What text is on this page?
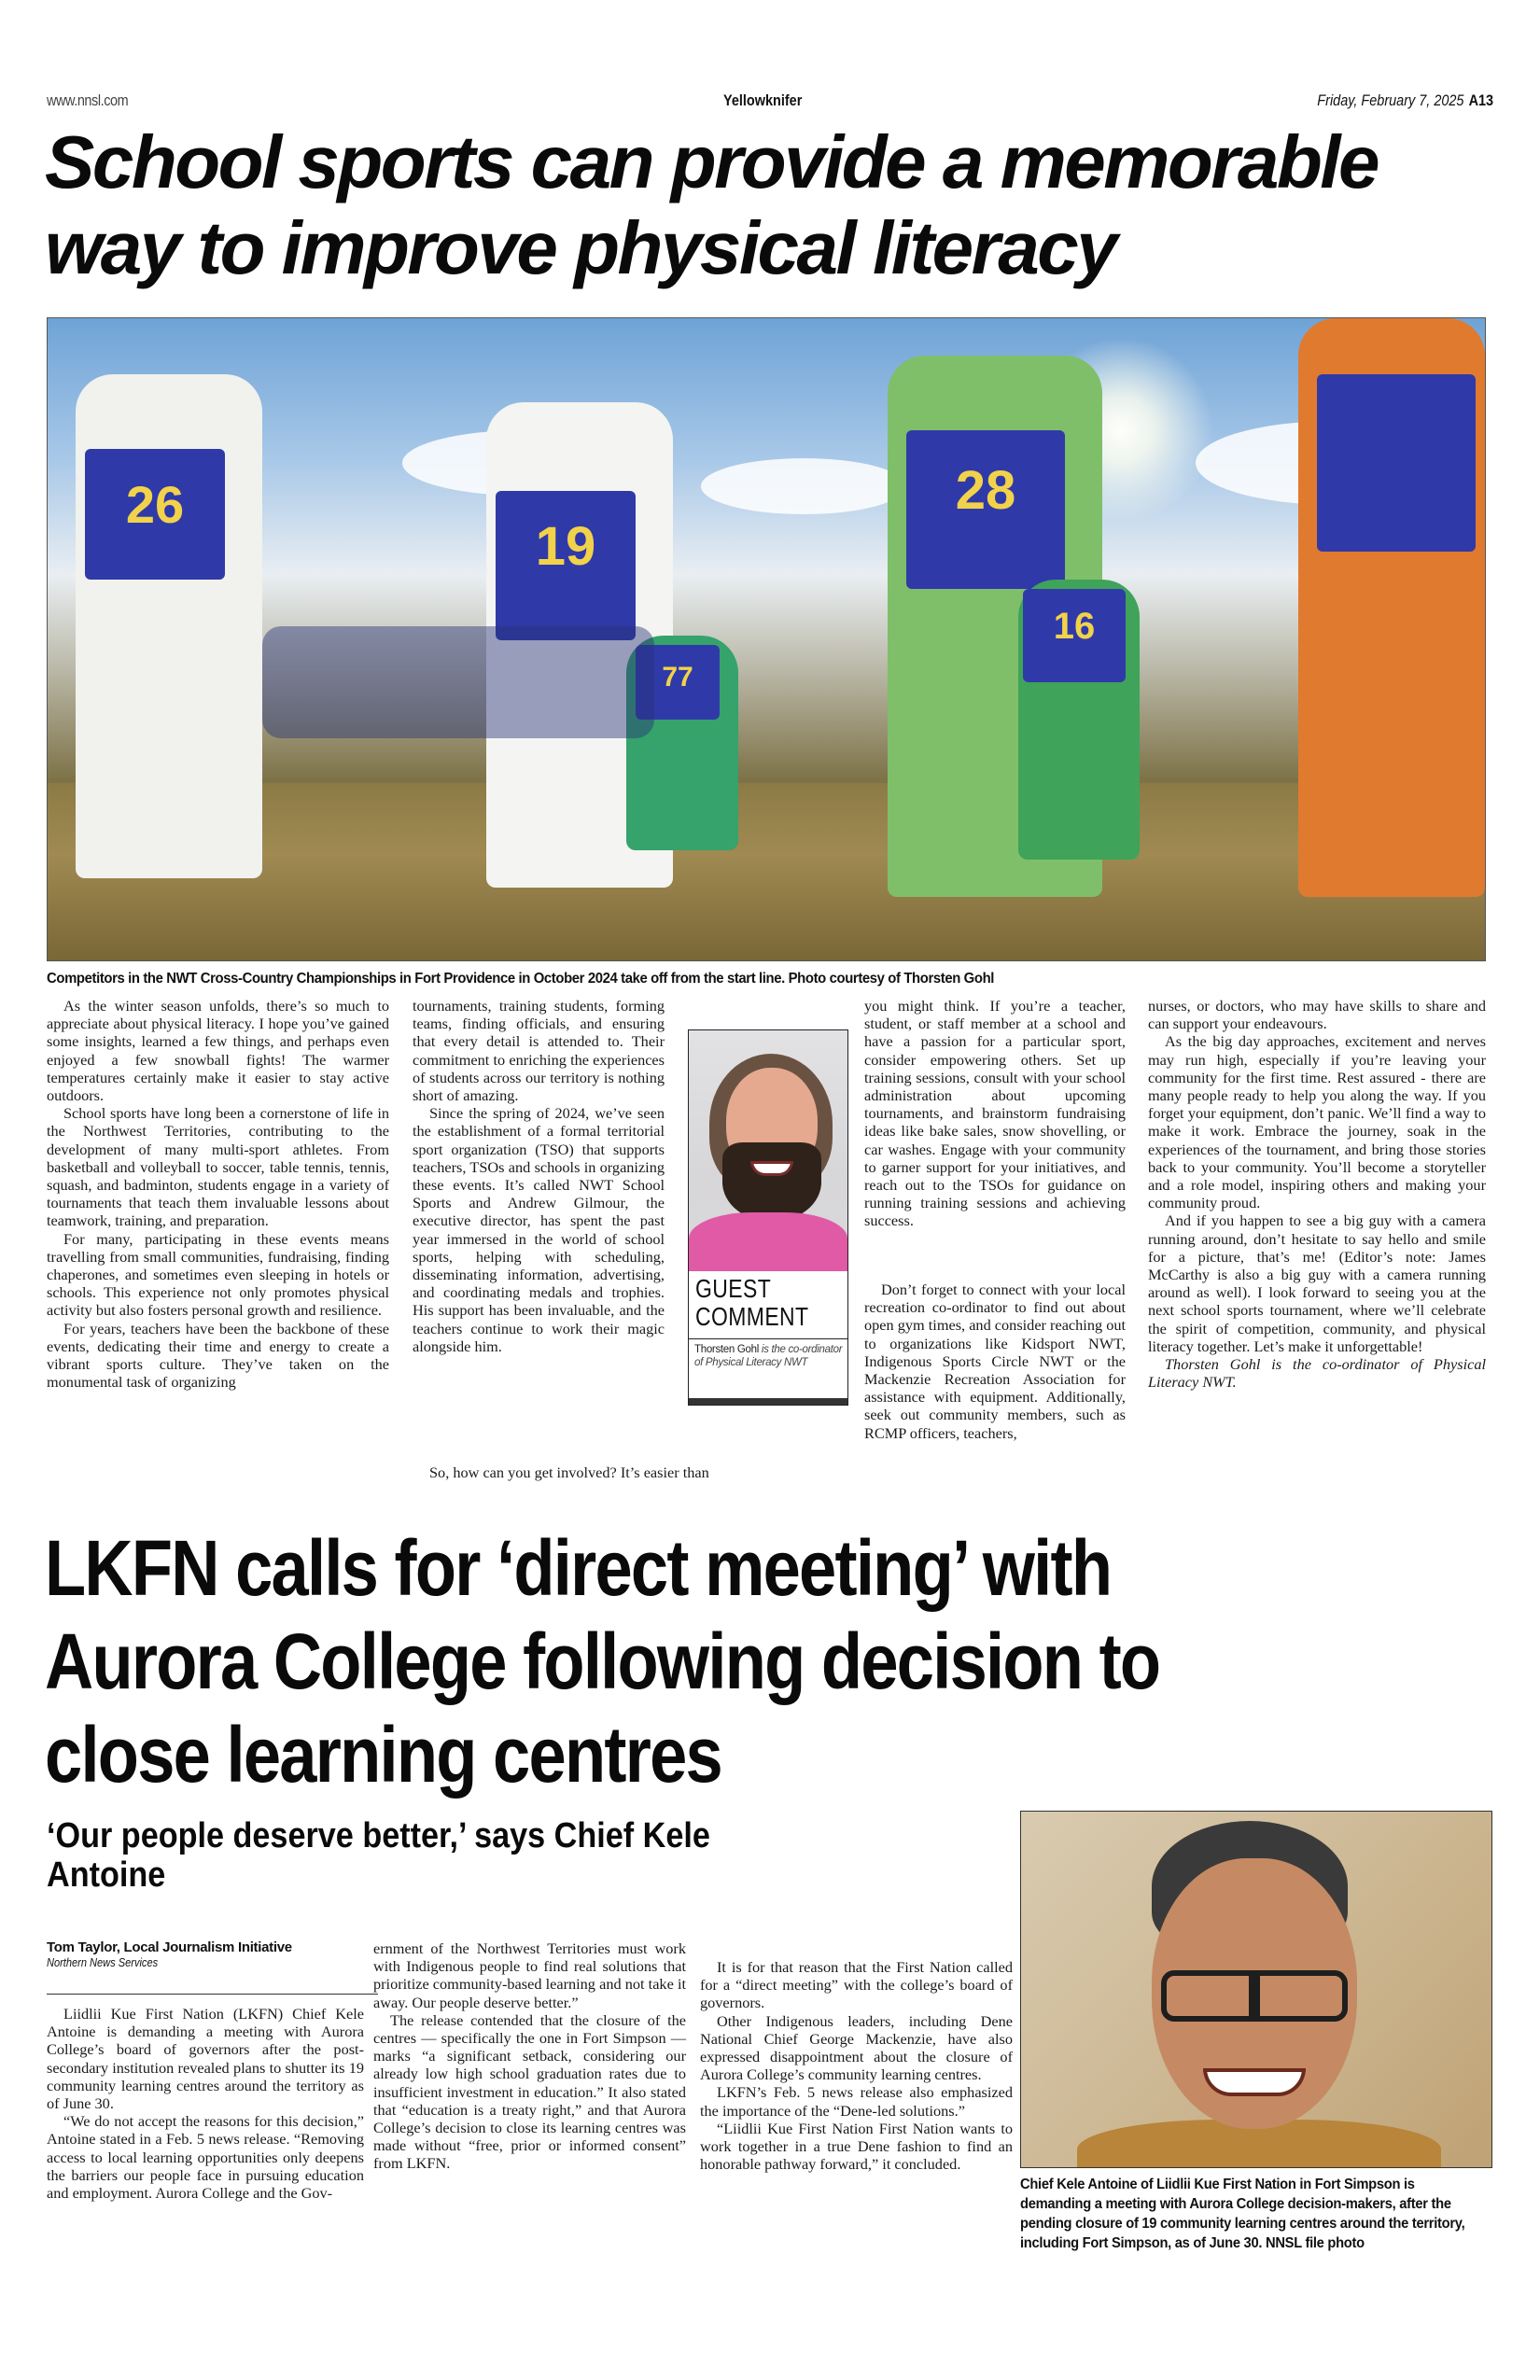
www.nnsl.com	Yellowknifer	Friday, February 7, 2025 A13
School sports can provide a memorable way to improve physical literacy
26
19
28
16
77

Competitors in the NWT Cross-Country Championships in Fort Providence in October 2024 take off from the start line. Photo courtesy of Thorsten Gohl

As the winter season unfolds, there’s so much to appreciate about physical literacy. I hope you’ve gained some insights, learned a few things, and perhaps even enjoyed a few snowball fights! The warmer temperatures certainly make it easier to stay active outdoors.

School sports have long been a cornerstone of life in the Northwest Territories, contributing to the development of many multi-sport athletes. From basketball and volleyball to soccer, table tennis, tennis, squash, and badminton, students engage in a variety of tournaments that teach them invaluable lessons about teamwork, training, and preparation.

For many, participating in these events means travelling from small communities, fundraising, finding chaperones, and sometimes even sleeping in hotels or schools. This experience not only promotes physical activity but also fosters personal growth and resilience.

For years, teachers have been the backbone of these events, dedicating their time and energy to create a vibrant sports culture. They’ve taken on the monumental task of organizing

tournaments, training students, forming teams, finding officials, and ensuring that every detail is attended to. Their commitment to enriching the experiences of students across our territory is nothing short of amazing.

Since the spring of 2024, we’ve seen the establishment of a formal territorial sport organization (TSO) that supports teachers, TSOs and schools in organizing these events. It’s called NWT School Sports and Andrew Gilmour, the executive director, has spent the past year immersed in the world of school sports, helping with scheduling, disseminating information, advertising, and coordinating medals and trophies. His support has been invaluable, and the teachers continue to work their magic alongside him.

So, how can you get involved? It’s easier than

GUEST
COMMENT
Thorsten Gohl is the co-ordinator of Physical Literacy NWT

you might think. If you’re a teacher, student, or staff member at a school and have a passion for a particular sport, consider empowering others. Set up training sessions, consult with your school administration about upcoming tournaments, and brainstorm fundraising ideas like bake sales, snow shovelling, or car washes. Engage with your community to garner support for your initiatives, and reach out to the TSOs for guidance on running training sessions and achieving success.

Don’t forget to connect with your local recreation co-ordinator to find out about open gym times, and consider reaching out to organizations like Kidsport NWT, Indigenous Sports Circle NWT or the Mackenzie Recreation Association for assistance with equipment. Additionally, seek out community members, such as RCMP officers, teachers,

nurses, or doctors, who may have skills to share and can support your endeavours.

As the big day approaches, excitement and nerves may run high, especially if you’re leaving your community for the first time. Rest assured - there are many people ready to help you along the way. If you forget your equipment, don’t panic. We’ll find a way to make it work. Embrace the journey, soak in the experiences of the tournament, and bring those stories back to your community. You’ll become a storyteller and a role model, inspiring others and making your community proud.

And if you happen to see a big guy with a camera running around, don’t hesitate to say hello and smile for a picture, that’s me! (Editor’s note: James McCarthy is also a big guy with a camera running around as well). I look forward to seeing you at the next school sports tournament, where we’ll celebrate the spirit of competition, community, and physical literacy together. Let’s make it unforgettable!

Thorsten Gohl is the co-ordinator of Physical Literacy NWT.

LKFN calls for ‘direct meeting’ with Aurora College following decision to close learning centres
‘Our people deserve better,’ says Chief Kele Antoine
Tom Taylor, Local Journalism Initiative
Northern News Services

Liidlii Kue First Nation (LKFN) Chief Kele Antoine is demanding a meeting with Aurora College’s board of governors after the post-secondary institution revealed plans to shutter its 19 community learning centres around the territory as of June 30.

“We do not accept the reasons for this decision,” Antoine stated in a Feb. 5 news release. “Removing access to local learning opportunities only deepens the barriers our people face in pursuing education and employment. Aurora College and the Gov-

ernment of the Northwest Territories must work with Indigenous people to find real solutions that prioritize community-based learning and not take it away. Our people deserve better.”

The release contended that the closure of the centres — specifically the one in Fort Simpson — marks “a significant setback, considering our already low high school graduation rates due to insufficient investment in education.” It also stated that “education is a treaty right,” and that Aurora College’s decision to close its learning centres was made without “free, prior or informed consent” from LKFN.

It is for that reason that the First Nation called for a “direct meeting” with the college’s board of governors.

Other Indigenous leaders, including Dene National Chief George Mackenzie, have also expressed disappointment about the closure of Aurora College’s community learning centres.

LKFN’s Feb. 5 news release also emphasized the importance of the “Dene-led solutions.”

“Liidlii Kue First Nation First Nation wants to work together in a true Dene fashion to find an honorable pathway forward,” it concluded.

Chief Kele Antoine of Liidlii Kue First Nation in Fort Simpson is demanding a meeting with Aurora College decision-makers, after the pending closure of 19 community learning centres around the territory, including Fort Simpson, as of June 30. NNSL file photo
